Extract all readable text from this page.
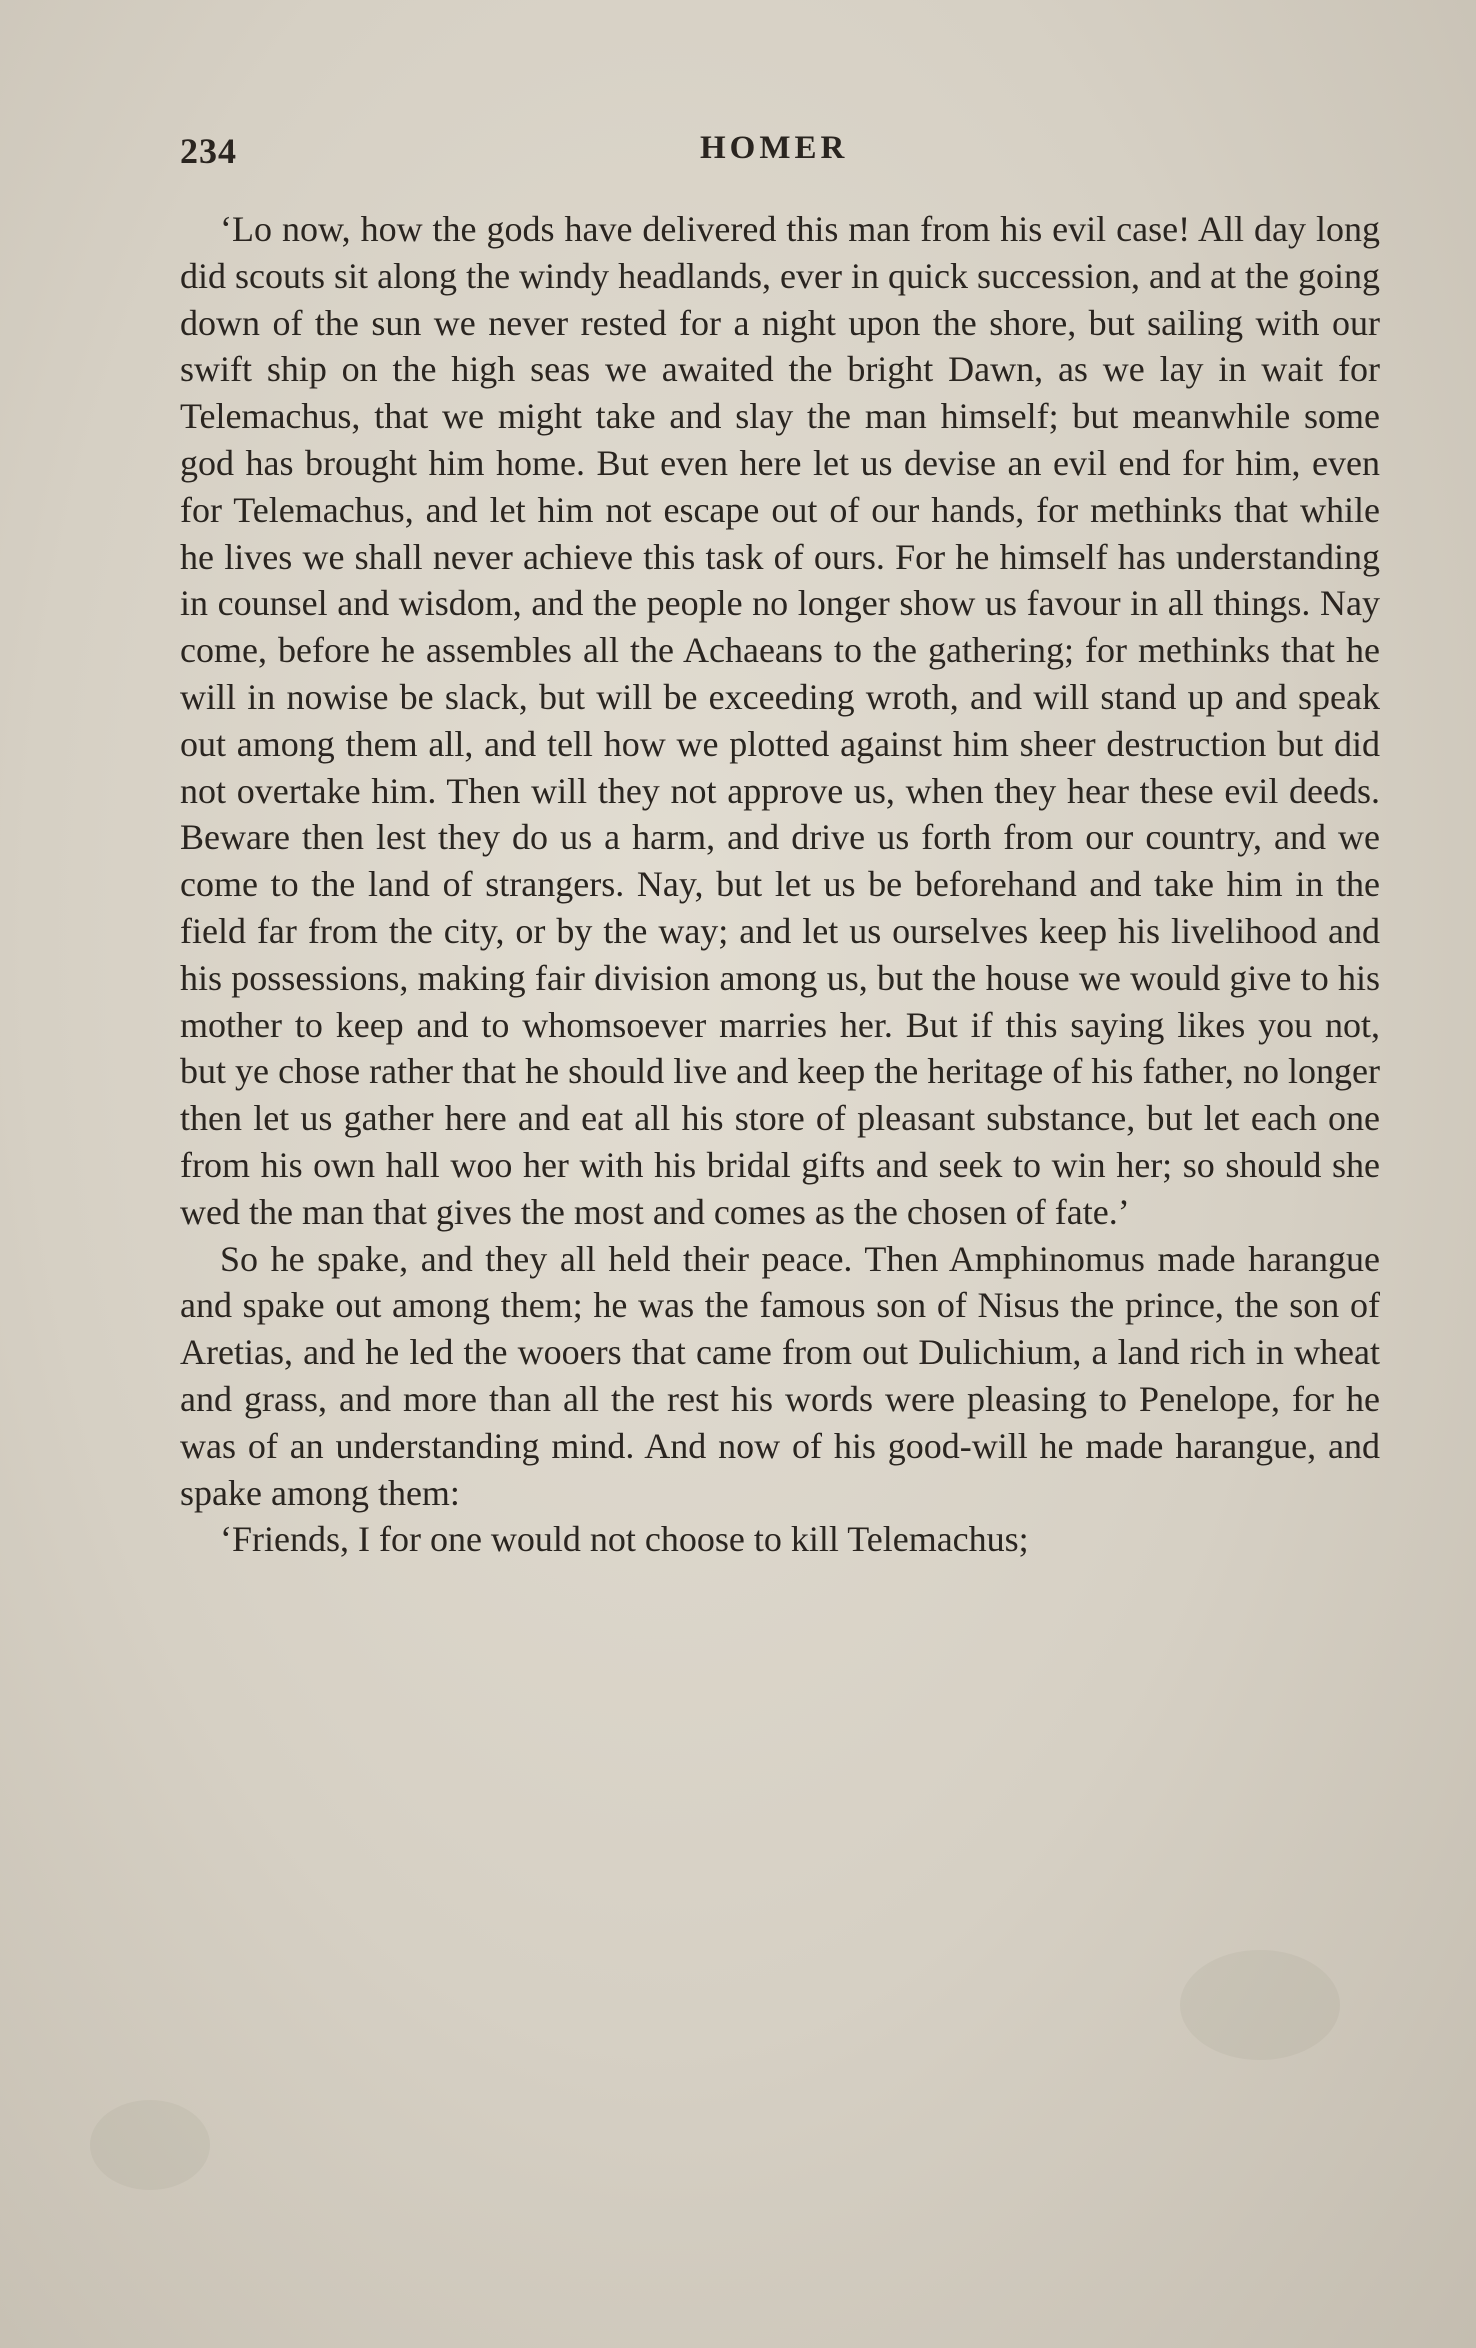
234	HOMER

‘Lo now, how the gods have delivered this man from his evil case! All day long did scouts sit along the windy headlands, ever in quick succession, and at the going down of the sun we never rested for a night upon the shore, but sailing with our swift ship on the high seas we awaited the bright Dawn, as we lay in wait for Telemachus, that we might take and slay the man himself; but meanwhile some god has brought him home. But even here let us devise an evil end for him, even for Telemachus, and let him not escape out of our hands, for methinks that while he lives we shall never achieve this task of ours. For he himself has understanding in counsel and wisdom, and the people no longer show us favour in all things. Nay come, before he assembles all the Achaeans to the gathering; for methinks that he will in nowise be slack, but will be exceeding wroth, and will stand up and speak out among them all, and tell how we plotted against him sheer destruction but did not overtake him. Then will they not approve us, when they hear these evil deeds. Beware then lest they do us a harm, and drive us forth from our country, and we come to the land of strangers. Nay, but let us be beforehand and take him in the field far from the city, or by the way; and let us ourselves keep his livelihood and his possessions, making fair division among us, but the house we would give to his mother to keep and to whomsoever marries her. But if this saying likes you not, but ye chose rather that he should live and keep the heritage of his father, no longer then let us gather here and eat all his store of pleasant substance, but let each one from his own hall woo her with his bridal gifts and seek to win her; so should she wed the man that gives the most and comes as the chosen of fate.’

So he spake, and they all held their peace. Then Amphinomus made harangue and spake out among them; he was the famous son of Nisus the prince, the son of Aretias, and he led the wooers that came from out Dulichium, a land rich in wheat and grass, and more than all the rest his words were pleasing to Penelope, for he was of an understanding mind. And now of his good-will he made harangue, and spake among them:

‘Friends, I for one would not choose to kill Telemachus;
